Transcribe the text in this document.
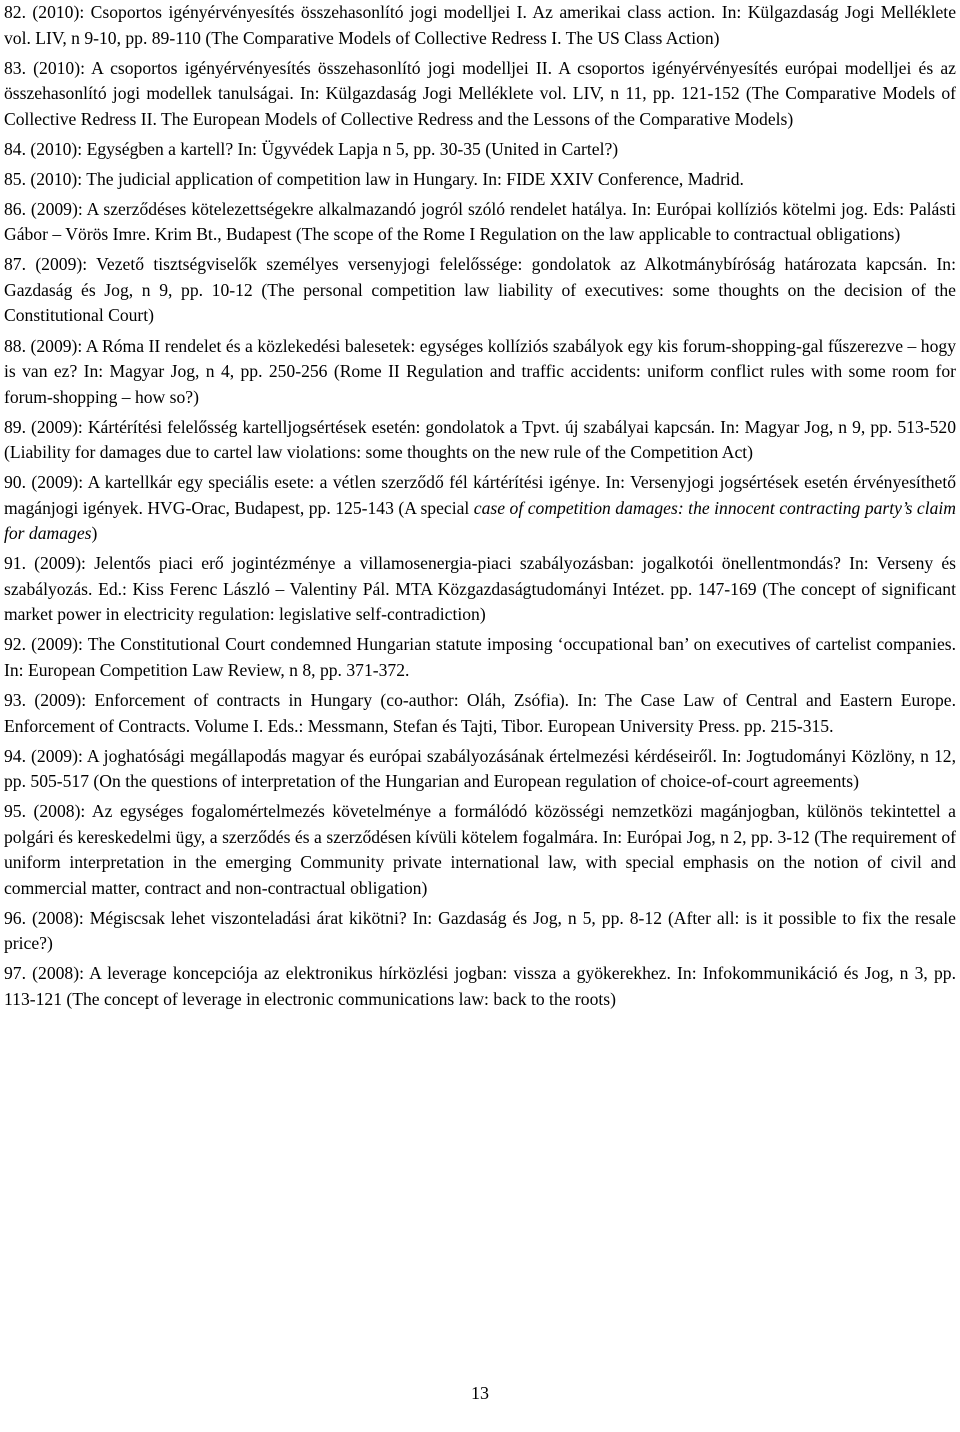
82. (2010): Csoportos igényérvényesítés összehasonlító jogi modelljei I. Az amerikai class action. In: Külgazdaság Jogi Melléklete vol. LIV, n 9-10, pp. 89-110 (The Comparative Models of Collective Redress I. The US Class Action)
83. (2010): A csoportos igényérvényesítés összehasonlító jogi modelljei II. A csoportos igényérvényesítés európai modelljei és az összehasonlító jogi modellek tanulságai. In: Külgazdaság Jogi Melléklete vol. LIV, n 11, pp. 121-152 (The Comparative Models of Collective Redress II. The European Models of Collective Redress and the Lessons of the Comparative Models)
84. (2010): Egységben a kartell? In: Ügyvédek Lapja n 5, pp. 30-35 (United in Cartel?)
85. (2010): The judicial application of competition law in Hungary. In: FIDE XXIV Conference, Madrid.
86. (2009): A szerződéses kötelezettségekre alkalmazandó jogról szóló rendelet hatálya. In: Európai kollíziós kötelmi jog. Eds: Palásti Gábor – Vörös Imre. Krim Bt., Budapest (The scope of the Rome I Regulation on the law applicable to contractual obligations)
87. (2009): Vezető tisztségviselők személyes versenyjogi felelőssége: gondolatok az Alkotmánybíróság határozata kapcsán. In: Gazdaság és Jog, n 9, pp. 10-12 (The personal competition law liability of executives: some thoughts on the decision of the Constitutional Court)
88. (2009): A Róma II rendelet és a közlekedési balesetek: egységes kollíziós szabályok egy kis forum-shopping-gal fűszerezve – hogy is van ez? In: Magyar Jog, n 4, pp. 250-256 (Rome II Regulation and traffic accidents: uniform conflict rules with some room for forum-shopping – how so?)
89. (2009): Kártérítési felelősség kartelljogsértések esetén: gondolatok a Tpvt. új szabályai kapcsán. In: Magyar Jog, n 9, pp. 513-520 (Liability for damages due to cartel law violations: some thoughts on the new rule of the Competition Act)
90. (2009): A kartellkár egy speciális esete: a vétlen szerződő fél kártérítési igénye. In: Versenyjogi jogsértések esetén érvényesíthető magánjogi igények. HVG-Orac, Budapest, pp. 125-143 (A special case of competition damages: the innocent contracting party’s claim for damages)
91. (2009): Jelentős piaci erő jogintézménye a villamosenergia-piaci szabályozásban: jogalkotói önellentmondás? In: Verseny és szabályozás. Ed.: Kiss Ferenc László – Valentiny Pál. MTA Közgazdaságtudományi Intézet. pp. 147-169 (The concept of significant market power in electricity regulation: legislative self-contradiction)
92. (2009): The Constitutional Court condemned Hungarian statute imposing ‘occupational ban’ on executives of cartelist companies. In: European Competition Law Review, n 8, pp. 371-372.
93. (2009): Enforcement of contracts in Hungary (co-author: Oláh, Zsófia). In: The Case Law of Central and Eastern Europe. Enforcement of Contracts. Volume I. Eds.: Messmann, Stefan és Tajti, Tibor. European University Press. pp. 215-315.
94. (2009): A joghatósági megállapodás magyar és európai szabályozásának értelmezési kérdéseiről. In: Jogtudományi Közlöny, n 12, pp. 505-517 (On the questions of interpretation of the Hungarian and European regulation of choice-of-court agreements)
95. (2008): Az egységes fogalomértelmezés követelménye a formálódó közösségi nemzetközi magánjogban, különös tekintettel a polgári és kereskedelmi ügy, a szerződés és a szerződésen kívüli kötelem fogalmára. In: Európai Jog, n 2, pp. 3-12 (The requirement of uniform interpretation in the emerging Community private international law, with special emphasis on the notion of civil and commercial matter, contract and non-contractual obligation)
96. (2008): Mégiscsak lehet viszonteladási árat kikötni? In: Gazdaság és Jog, n 5, pp. 8-12 (After all: is it possible to fix the resale price?)
97. (2008): A leverage koncepciója az elektronikus hírközlési jogban: vissza a gyökerekhez. In: Infokommunikáció és Jog, n 3, pp. 113-121 (The concept of leverage in electronic communications law: back to the roots)
13
